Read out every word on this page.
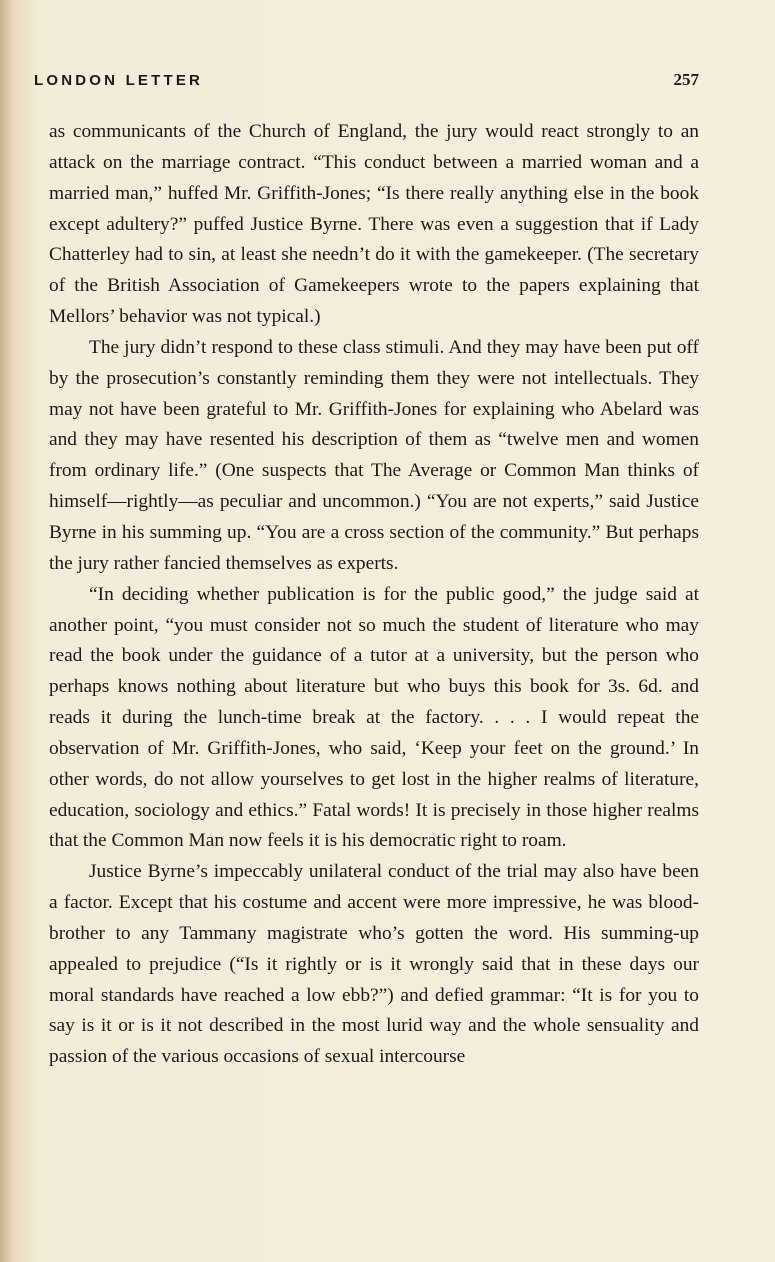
LONDON LETTER	257

as communicants of the Church of England, the jury would react strongly to an attack on the marriage contract. “This conduct between a married woman and a married man,” huffed Mr. Griffith-Jones; “Is there really anything else in the book except adultery?” puffed Justice Byrne. There was even a suggestion that if Lady Chatterley had to sin, at least she needn’t do it with the gamekeeper. (The secretary of the British Association of Gamekeepers wrote to the papers explaining that Mellors’ behavior was not typical.)

The jury didn’t respond to these class stimuli. And they may have been put off by the prosecution’s constantly reminding them they were not intellectuals. They may not have been grateful to Mr. Griffith-Jones for explaining who Abelard was and they may have resented his description of them as “twelve men and women from ordinary life.” (One suspects that The Average or Common Man thinks of himself—rightly—as peculiar and uncommon.) “You are not experts,” said Justice Byrne in his summing up. “You are a cross section of the community.” But perhaps the jury rather fancied themselves as experts.

“In deciding whether publication is for the public good,” the judge said at another point, “you must consider not so much the student of literature who may read the book under the guidance of a tutor at a university, but the person who perhaps knows nothing about literature but who buys this book for 3s. 6d. and reads it during the lunch-time break at the factory. . . . I would repeat the observation of Mr. Griffith-Jones, who said, ‘Keep your feet on the ground.’ In other words, do not allow yourselves to get lost in the higher realms of literature, education, sociology and ethics.” Fatal words! It is precisely in those higher realms that the Common Man now feels it is his democratic right to roam.

Justice Byrne’s impeccably unilateral conduct of the trial may also have been a factor. Except that his costume and accent were more impressive, he was blood-brother to any Tammany magistrate who’s gotten the word. His summing-up appealed to prejudice (“Is it rightly or is it wrongly said that in these days our moral standards have reached a low ebb?”) and defied grammar: “It is for you to say is it or is it not described in the most lurid way and the whole sensuality and passion of the various occasions of sexual intercourse
